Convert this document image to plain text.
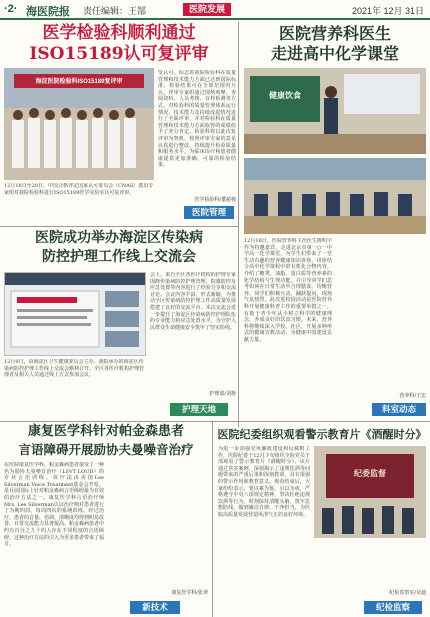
·2· 海医院报 责任编辑：王郜	医院发展	2021年 12月 31日
医学检验科顺利通过
ISO15189认可复评审
海淀医院检验科ISO15189复评审
受认可，标志着我院检验科在质量管理和技术能力方面已达到国际标准，检验结果可在全球范围内互认。评审专家组通过现场观摩、查阅资料、人员考核、盲样检测等方式，对检验科的质量管理体系运行情况、技术能力及持续改进情况进行了全面评审，并对检验科在质量管理和技术能力方面取得的成绩给予了充分肯定。检验科将以此次复评审为契机，按照评审专家的意见认真进行整改，持续提升检验质量和服务水平，为临床诊疗和患者健康提供更加准确、可靠的检验结果。
12月18日至20日，中国合格评定国家认可委员会（CNAS）派出专家组对我院检验科进行ISO15189医学实验室认可复评审。
医学检验科/董慈杨
医院管理
医院营养科医生
走进高中化学课堂
健康饮食
12月16日，医院营养科主治医生陈明宇作为特邀嘉宾，走进北京市第一○一中学高一化学课堂，为学生们带来了一堂生动有趣的营养健康知识讲座。讲座结合高中化学课程中的有机化合物内容，介绍了糖类、油脂、蛋白质等营养素的化学结构与生理功能，并引导同学们思考如何在日常生活中合理膳食、均衡营养。同学们积极互动、踊跃提问，现场气氛热烈。此次进校园活动是医院营养科开展健康科普工作的重要举措之一，有助于青少年从小树立科学的健康理念，养成良好的饮食习惯。未来，营养科将继续深入学校、社区，开展多种形式的健康宣教活动，为健康中国建设贡献力量。
营养科/王宏
科室动态
医院成功举办海淀区传染病
防控护理工作线上交流会
会上，来自全区各医疗机构的护理专家围绕传染病防控护理管理、院感防控及应急处置等内容进行了经验分享和交流讨论。会议内容丰富、形式新颖，为推动全区传染病防控护理工作高质量发展搭建了良好的交流平台。本次交流会进一步提升了海淀区传染病防控护理队伍的专业能力和应急处置水平，为守护人民群众生命健康安全筑牢了坚实防线。
12月9日，由海淀区卫生健康委员会主办、我院承办的海淀区传染病防控护理工作线上交流会顺利召开。全区各医疗机构护理管理者及相关人员通过线上方式参加会议。
护理部/刘艳
护理天地
康复医学科针对帕金森患者
言语障碍开展励协夫曼噪音治疗
在医院康复医学科，帕金森病患者接受了一种名为励协夫曼噪音治疗（LSVT LOUD）的专业言语训练。该疗法由美国Lee Silverman Voice Treatment基金会开发，是目前国际上针对帕金森病言语障碍最为有效的治疗方法之一。康复医学科言语治疗师Mrs. Lee Silverman认证治疗师对患者进行了为期四周、每周四次的系统训练。经过治疗，患者的音量、语调、清晰度均得到明显改善，日常交流能力显著提高。帕金森病患者中约有百分之九十的人存在不同程度的言语障碍，这种治疗方法的引入为更多患者带来了福音。
康复医学科/张翠
新技术
医院纪委组织观看警示教育片《酒醒时分》
为进一步加强党风廉政建设和反腐败工作，医院纪委于12月下旬组织全院党员干部观看了警示教育片《酒醒时分》。该片通过真实案例，深刻揭示了违规饮酒等问题带来的严重后果和深刻教训，具有很强的警示作用和教育意义。观看结束后，大家纷纷表示，要以案为鉴、引以为戒，严格遵守中央八项规定精神，坚决杜绝违规饮酒等行为，时刻保持清醒头脑，筑牢思想防线，做到廉洁自律、干净担当，为医院高质量发展营造风清气正的良好环境。
纪委监督
纪检监察室/吴迪
纪检监察
